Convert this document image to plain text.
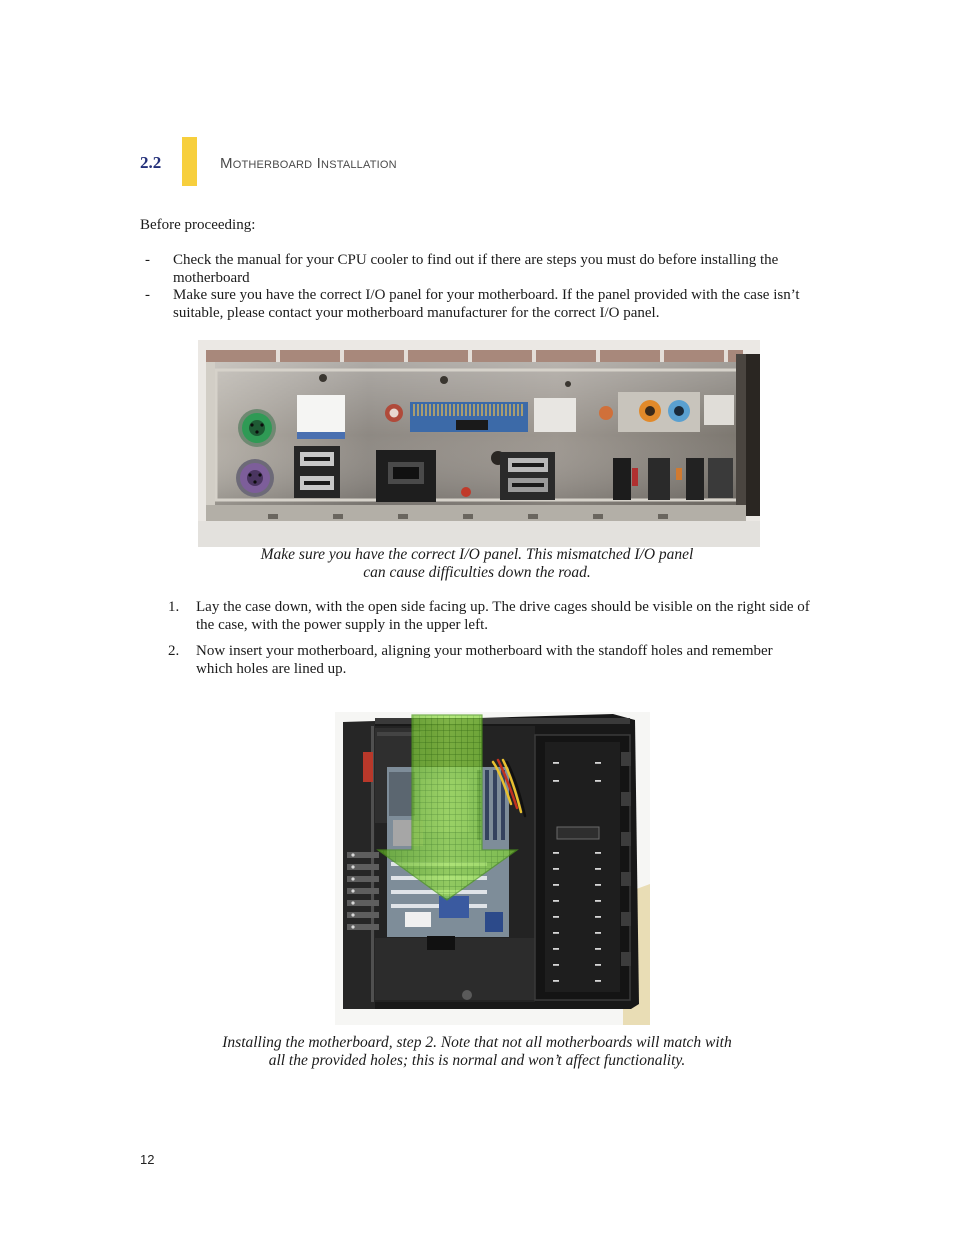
2.2	Motherboard Installation
Before proceeding:
- Check the manual for your CPU cooler to find out if there are steps you must do before installing the
motherboard
- Make sure you have the correct I/O panel for your motherboard. If the panel provided with the case isn’t
suitable, please contact your motherboard manufacturer for the correct I/O panel.
Make sure you have the correct I/O panel. This mismatched I/O panel
can cause difficulties down the road.
1. Lay the case down, with the open side facing up. The drive cages should be visible on the right side of
the case, with the power supply in the upper left.
2. Now insert your motherboard, aligning your motherboard with the standoff holes and remember
which holes are lined up.
Installing the motherboard, step 2. Note that not all motherboards will match with
all the provided holes; this is normal and won’t affect functionality.
12
